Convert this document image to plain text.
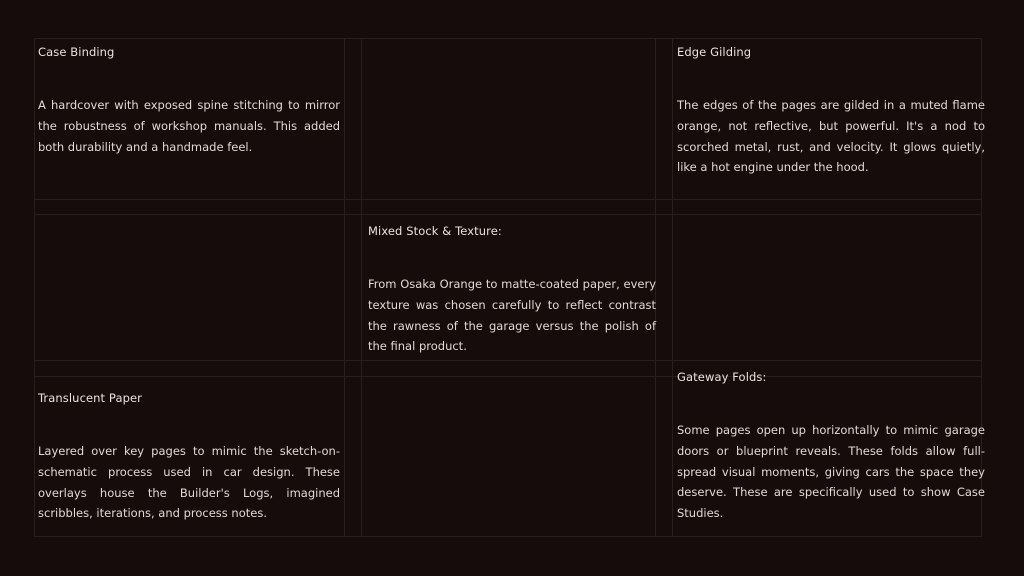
Case Binding

A hardcover with exposed spine stitching to mirror the robustness of workshop manuals. This added both durability and a handmade feel.

Edge Gilding

The edges of the pages are gilded in a muted flame orange, not reflective, but powerful. It's a nod to scorched metal, rust, and velocity. It glows quietly, like a hot engine under the hood.

Mixed Stock & Texture:

From Osaka Orange to matte-coated paper, every texture was chosen carefully to reflect contrast the rawness of the garage versus the polish of the final product.

Translucent Paper

Layered over key pages to mimic the sketch-on-schematic process used in car design. These overlays house the Builder's Logs, imagined scribbles, iterations, and process notes.

Gateway Folds:

Some pages open up horizontally to mimic garage doors or blueprint reveals. These folds allow full-spread visual moments, giving cars the space they deserve. These are specifically used to show Case Studies.
